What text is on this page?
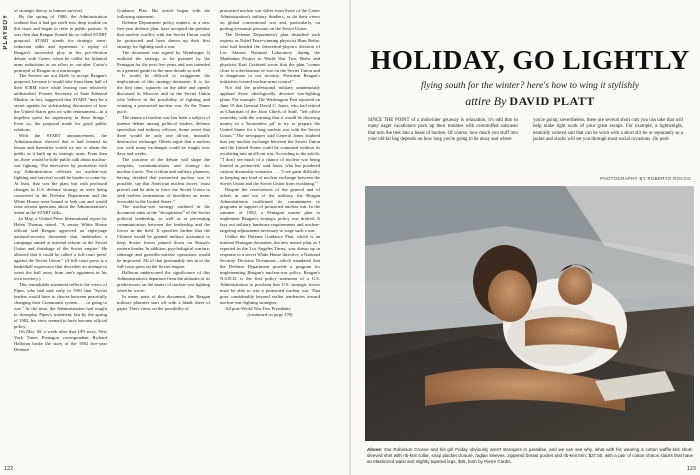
PLAYBOY

of strategic theory to human survival.

By the spring of 1980, the Administration realized that it had got itself into deep trouble on this issue and began to refer to public pasture. It was then that Reagan floated his so-called START proposal. START stands for strategic arms-reduction talks and represents a replay of Reagan's successful ploy in his pre-election debate with Carter, when he called for bilateral arms reductions in an effort to out-alter Carter's portrayal of Reagan as a warmonger.

The Soviets are not likely to accept Reagan's proposal, because it would take from them half of their ICBM force while leaving ours relatively undisturbed. Former Secretary of State Edmund Muskie, in fact, suggested that START "may be a secret agenda for sidetracking discussion of how the United States gets on with rearmament—in a hopeless quest for superiority in these things." Even so, the proposal made for good public relations.

With the START announcement, the Administration showed that it had learned its lesson and thereafter would try not to alarm the public as it built up its strategic arms. From then on, there would be little public talk about nuclear-war fighting. The interviews by journalists with top Administration officials on nuclear-war fighting and survival would be harder to come by. At least, that was the plan; but with profound changes in U.S. defense strategy as were being conceived in the Defense Department and the White House were bound to leak out and would raise serious questions about the Administration's intent in the START talks.

In May, a United Press International report by Helen Thomas stated, "A senior White House official said Reagan approved an eight-page national-security document that 'undertakes a campaign aimed at internal reform in the Soviet Union and shrinkage of the Soviet empire.' He allowed that it could be called 'a full-court press' against the Soviet Union." (A full-court press is a basketball expression that describes an attempt to wrest the ball away from one's opponent in his own territory.)

This remarkable statement reflects the views of Pipes, who had said early in 1981 that "Soviet leaders would have to choose between peacefully changing their Communist system . . . or going to war." At the time, the Administration had sought to downplay Pipes's statement, but by the spring of 1982, his view seemed to have become official policy.

On May 30, a week after that UPI story, New York Times Pentagon correspondent Richard Halloran broke the story of the 1982 five-year Defense

Guidance Plan. His article began with the following statement:

Defense Department policy makers, in a new five-year defense plan, have accepted the premise that nuclear conflict with the Soviet Union could be protracted and have drawn up their first strategy for fighting such a war.

The document was signed by Weinberger. It outlined the strategy to be pursued by the Pentagon for the next five years and was intended as a general guide for the next decade as well.

It would be difficult to exaggerate the implications of this strategy document. It is, for the first time, squarely on the table and openly discussed in Moscow and in the Soviet Union who believe in the possibility of fighting and winning a protracted nuclear war. As the Times put it:

The tenure of nuclear war has been a subject of intense debate among political leaders, defense specialists and military officers. Some assert that there would be only one all-out, mutually destructive exchange. Others argue that a nuclear war with many exchanges could be fought over days and weeks.

The outcome of the debate will shape the weapons, communications and strategy for nuclear forces. The civilian and military planners, having decided that protracted nuclear war is possible, say that American nuclear forces "must prevail and be able to force the Soviet Union to seek earliest termination of hostilities on terms favorable to the United States."

The nuclear-war strategy outlined in the document aims at the "decapitation" of the Soviet political leadership, as well as at preventing communication between the leadership and the forces in the field. It specifies further that the Chinese would be granted military assistance to keep Soviet forces pinned down on Russia's eastern border. In addition, psychological warfare, sabotage and guerrilla-warfare operations would be improved. All of that presumably ties in to the full-court press on the Soviet empire.

Halloran underscored the significance of this Administration's departure from the attitudes of its predecessors on the matter of nuclear-war fighting when he wrote:

In many parts of this document, the Reagan military planners start off with a blank sheet of paper. Their views on the possibility of

protracted nuclear war differ from those of the Carter Administration's military thinkers, as do their views on global conventional war and, particularly, on putting economic pressure on the Soviet Union.

The Defense Department's plan disturbed such experts as Nobel Prize-winning physicist Hans Bethe, who had headed the theoretical-physics division of Los Alamos National Laboratory during the Manhattan Project in World War Two. Bethe and physicist Kurt Gottfried wrote that the plan "comes close to a declaration of war on the Soviet Union and is dangerous to our security. President Reagan's initiatives toward nuclear-arms control."

Nor did the professional military unanimously applaud those ideologically devoted war-fighting plans. For example, The Washington Post reported on June 19 that General David C. Jones, who had retired as Chairman of the Joint Chiefs of Staff, "left office yesterday with the warning that it would be throwing money in a 'bottomless pit' to try to prepare the United States for a long nuclear war with the Soviet Union." The newspaper said General Jones doubted that any nuclear exchange between the Soviet Union and the United States could be contained without its escalating into an all-out war. According to the article, "'I don't see much of a chance of nuclear war being limited or protracted,' said Jones, who has pondered various doomsday scenarios . . . 'I see great difficulty in keeping any kind of nuclear exchange between the Soviet Union and the Soviet Union from escalating.'"

Despite the reservations of the general and of others in and out of the military, the Reagan Administration reaffirmed its commitment to programs in support of protracted nuclear war. In the summer of 1982, a Pentagon master plan to implement Reagan's strategic policy was drafted. It lays out military hardware requirements and nuclear-targeting adjustments necessary to wage such a war.

Unlike the Defense Guidance Plan, which is an internal Pentagon document, the new master plan, as I reported in the Los Angeles Times, was drawn up in response to a secret White House directive, a National Security Decision Document—which mandated that the Defense Department provide a program for implementing Reagan's nuclear-war policy. Reagan's N.S.D.D. is the first policy statement of a U.S. Administration to proclaim that U.S. strategic forces must be able to win a protracted nuclear war. That goes considerably beyond earlier tendencies toward nuclear-war-fighting strategies.

All post-World War Two Presidents,

(continued on page 178)

122
HOLIDAY, GO LIGHTLY
flying south for the winter? here's how to wing it stylishly
attire By DAVID PLATT
SINCE THE POINT of a midwinter getaway is relaxation, it's odd that so many eager vacationers pack up their troubles with overstuffed suitcases that turn the trek into a beast of burden. Of course, how much you stuff into your old kit bag depends on how long you're going to be away and where
you're going; nevertheless, there are several short cuts you can take that will help make light work of your great escape. For example, a lightweight, neutrally colored suit that can be worn with a short slit tie or separately as a jacket and slacks will set you through most social occasions. (In posh
PHOTOGRAPHY BY ROBERTO ROCCO
Above: Our Robinson Crusoe and his girl Friday obviously aren't strangers in paradise, and we can see why, what with his wearing a cotton waffle-knit short-sleeved shirt with rib-knit collar, snap placket closure, raglan sleeves, zippered breast pocket and rib-knit trim, $27.50, with a pair of cotton chinos slacks that have an elasticized waist and slightly tapered legs, $35, both by Pierre Cardin.
123
